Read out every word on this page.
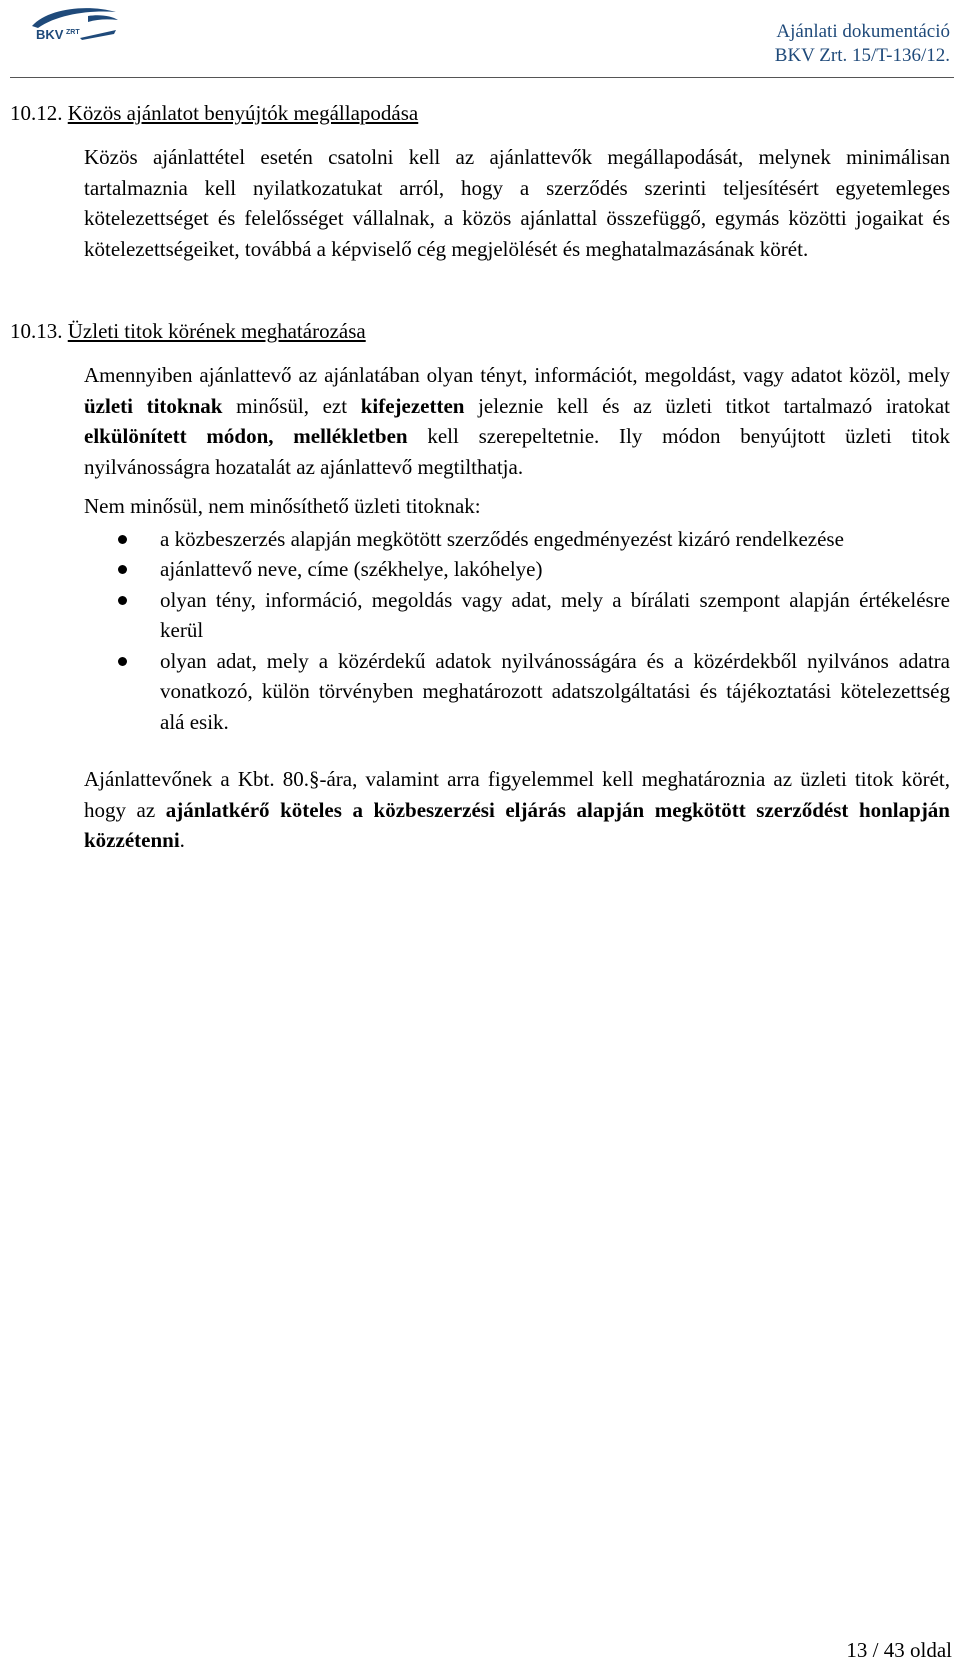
BKV ZRT	Ajánlati dokumentáció
BKV Zrt. 15/T-136/12.
10.12. Közös ajánlatot benyújtók megállapodása

Közös ajánlattétel esetén csatolni kell az ajánlattevők megállapodását, melynek minimálisan tartalmaznia kell nyilatkozatukat arról, hogy a szerződés szerinti teljesítésért egyetemleges kötelezettséget és felelősséget vállalnak, a közös ajánlattal összefüggő, egymás közötti jogaikat és kötelezettségeiket, továbbá a képviselő cég megjelölését és meghatalmazásának körét.

10.13. Üzleti titok körének meghatározása

Amennyiben ajánlattevő az ajánlatában olyan tényt, információt, megoldást, vagy adatot közöl, mely üzleti titoknak minősül, ezt kifejezetten jeleznie kell és az üzleti titkot tartalmazó iratokat elkülönített módon, mellékletben kell szerepeltetnie. Ily módon benyújtott üzleti titok nyilvánosságra hozatalát az ajánlattevő megtilthatja.

Nem minősül, nem minősíthető üzleti titoknak:

a közbeszerzés alapján megkötött szerződés engedményezést kizáró rendelkezése
ajánlattevő neve, címe (székhelye, lakóhelye)
olyan tény, információ, megoldás vagy adat, mely a bírálati szempont alapján értékelésre kerül
olyan adat, mely a közérdekű adatok nyilvánosságára és a közérdekből nyilvános adatra vonatkozó, külön törvényben meghatározott adatszolgáltatási és tájékoztatási kötelezettség alá esik.

Ajánlattevőnek a Kbt. 80.§-ára, valamint arra figyelemmel kell meghatároznia az üzleti titok körét, hogy az ajánlatkérő köteles a közbeszerzési eljárás alapján megkötött szerződést honlapján közzétenni.

13 / 43 oldal
